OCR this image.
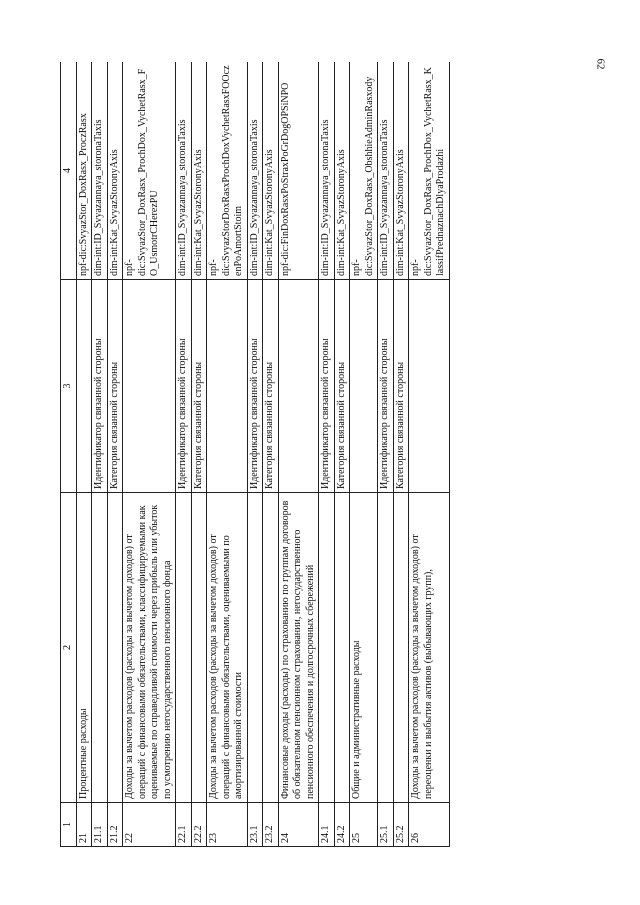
62
1	2	3	4
21	Процентные расходы		npf-dic:SvyazStor_DoxRasx_ProczRasx
21.1		Идентификатор связанной стороны	dim-int:ID_Svyazannaya_storonaTaxis
21.2		Категория связанной стороны	dim-int:Kat_SvyazStoronyAxis
22	Доходы за вычетом расходов (расходы за вычетом доходов) от операций с финансовыми обязательствами, классифицируемыми как оцениваемые по справедливой стоимости через прибыль или убыток по усмотрению негосударственного пенсионного фонда		npf-dic:SvyazStor_DoxRasx_ProchDox_VychetRasx_FO_UsmotrCHerezPU
22.1		Идентификатор связанной стороны	dim-int:ID_Svyazannaya_storonaTaxis
22.2		Категория связанной стороны	dim-int:Kat_SvyazStoronyAxis
23	Доходы за вычетом расходов (расходы за вычетом доходов) от операций с финансовыми обязательствами, оцениваемыми по амортизированной стоимости		npf-dic:SvyazStorDoxRasxProchDoxVychetRasxFOOczenPoAmortStoim
23.1		Идентификатор связанной стороны	dim-int:ID_Svyazannaya_storonaTaxis
23.2		Категория связанной стороны	dim-int:Kat_SvyazStoronyAxis
24	Финансовые доходы (расходы) по страхованию по группам договоров об обязательном пенсионном страховании, негосударственного пенсионного обеспечения и долгосрочных сбережений		npf-dic:FinDoxRasxPoStraxPoGrDogOPSiNPO
24.1		Идентификатор связанной стороны	dim-int:ID_Svyazannaya_storonaTaxis
24.2		Категория связанной стороны	dim-int:Kat_SvyazStoronyAxis
25	Общие и административные расходы		npf-dic:SvyazStor_DoxRasx_ObshhieAdminRasxody
25.1		Идентификатор связанной стороны	dim-int:ID_Svyazannaya_storonaTaxis
25.2		Категория связанной стороны	dim-int:Kat_SvyazStoronyAxis
26	Доходы за вычетом расходов (расходы за вычетом доходов) от переоценки и выбытия активов (выбывающих групп),		npf-dic:SvyazStor_DoxRasx_ProchDox_VychetRasx_KlassifPrednaznachDlyaProdazhi
